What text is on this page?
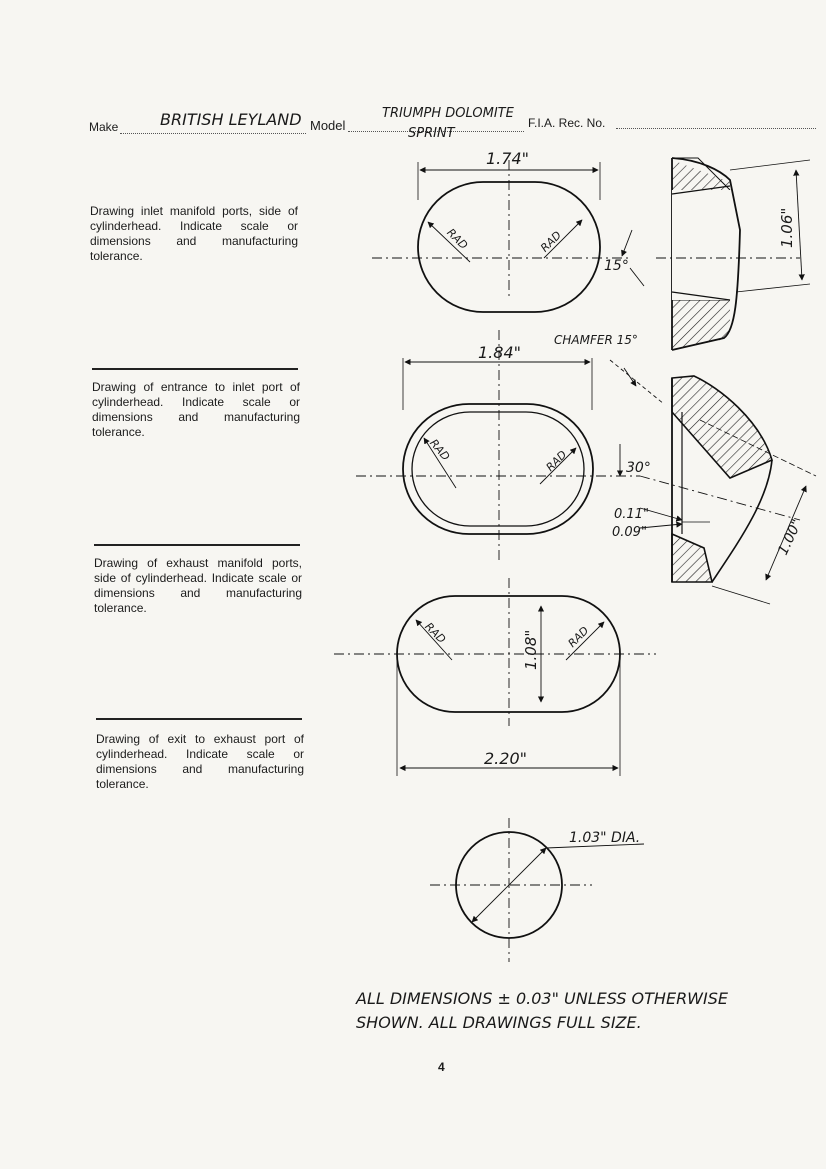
Make	BRITISH LEYLAND Model
TRIUMPH DOLOMITE
SPRINT
F.I.A. Rec. No.
Drawing inlet manifold ports, side of cylinderhead. Indicate scale or dimensions and manufacturing tolerance.
Drawing of entrance to inlet port of cylinderhead. Indicate scale or dimensions and manufacturing tolerance.
Drawing of exhaust manifold ports, side of cylinderhead. Indicate scale or dimensions and manufacturing tolerance.
Drawing of exit to exhaust port of cylinderhead. Indicate scale or dimensions and manufacturing tolerance.
1.74"
RAD	RAD
15°
1.06"
1.84"
CHAMFER 15°
RAD	RAD	30°
0.11"
0.09"	1.00"
RAD	RAD
1.08"
2.20"
1.03" DIA.
ALL DIMENSIONS ± 0.03" UNLESS OTHERWISE
SHOWN. ALL DRAWINGS FULL SIZE.
4
